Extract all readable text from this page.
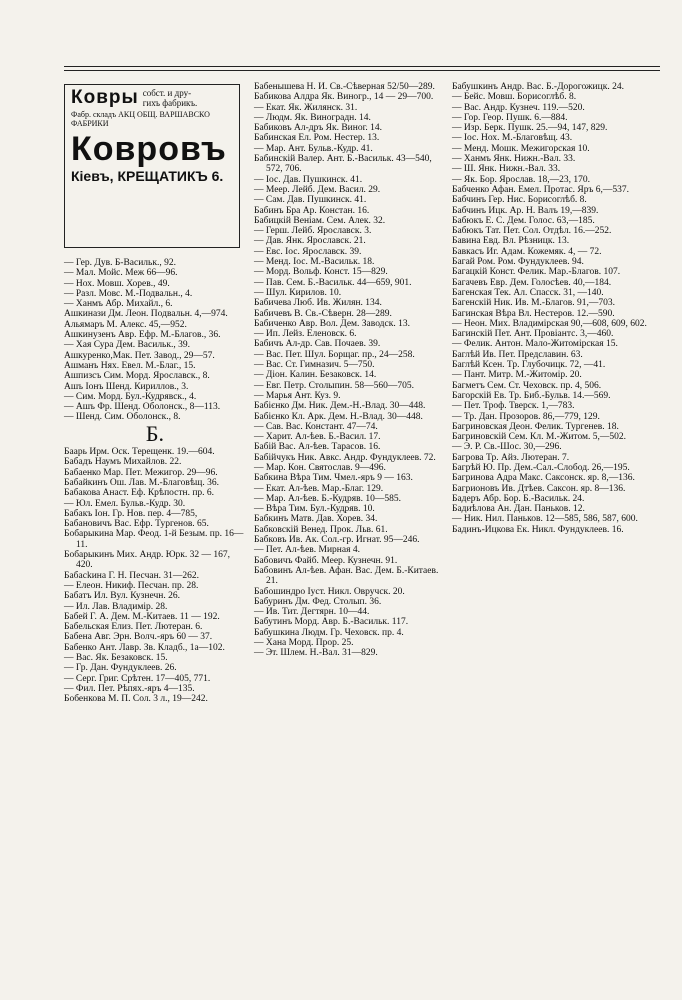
Ковры собст. и дру-
гихъ фабрикъ.
Фабр. складъ АКЦ ОБЩ. ВАРШАВСКО ФАБРИКИ
Ковровъ
Кіевъ, КРЕЩАТИКЪ 6.

— Гер. Дув. Б-Васильк., 92.

— Мал. Мойс. Меж 66—96.

— Нох. Мовш. Хорев., 49.

— Разл. Мовс. М.-Подвальн., 4.

— Ханмъ Абр. Михайл., 6.

Ашкинази Дм. Леон. Подвальн. 4,—974.

Альямаръ М. Алекс. 45,—952.

Ашкинузенъ Авр. Ефр. М.-Благов., 36.

— Хая Сура Дем. Васильк., 39.

Ашкуренко,Мак. Пет. Завод., 29—57.

Ашманъ Нях. Евел. М.-Благ., 15.

Ашпизсъ Сим. Морд. Ярославск., 8.

Ашъ Іонъ Шенд. Кириллов., 3.

— Сим. Морд. Бул.-Кудрявск., 4.

— Ашъ Фр. Шенд. Оболонск., 8—113.

— Шенд. Сим. Оболонск., 8.

Б.

Баарь Ирм. Оск. Терещенк. 19.—604.

Бабадъ Наумъ Михайлов. 22.

Бабаенко Мар. Пет. Межигор. 29—96.

Бабайкинъ Ош. Лав. М.-Благовѣщ. 36.

Бабакова Анаст. Еф. Крѣпостн. пр. 6.

— Юл. Емел. Бульв.-Кудр. 30.

Бабакъ Іон. Гр. Нов. пер. 4—785,

Бабановичъ Вас. Ефр. Тургенов. 65.

Бобарыкина Мар. Феод. 1-й Безым. пр. 16—11.

Бобарыкинъ Мих. Андр. Юрк. 32 — 167, 420.

Бабасkина Г. Н. Песчан. 31—262.

— Елеон. Никиф. Песчан. пр. 28.

Бабатъ Ил. Вул. Кузнечн. 26.

— Ил. Лав. Владимір. 28.

Бабей Г. А. Дем. М.-Китаев. 11 — 192.

Бабельская Елиз. Пет. Лютеран. 6.

Бабена Авг. Эрн. Волч.-яръ 60 — 37.

Бабенко Ант. Лавр. Зв. Кладб., 1а—102.

— Вас. Як. Безаковск. 15.

— Гр. Дан. Фундуклеев. 26.

— Серг. Григ. Срѣтен. 17—405, 771.

— Фил. Пет. Рѣпях.-яръ 4—135.

Бобенкова М. П. Сол. 3 л., 19—242.

Бабенышева Н. И. Св.-Сѣверная 52/50—289.

Бабикова Алдра Як. Виногр., 14 — 29—700.

— Екат. Як. Жилянск. 31.

— Людм. Як. Виноградн. 14.

Бабиковъ Ал-дръ Як. Виног. 14.

Бабинская Ел. Ром. Нестер. 13.

— Мар. Ант. Бульв.-Кудр. 41.

Бабинскій Валер. Ант. Б.-Васильк. 43—540, 572, 706.

— Іос. Дав. Пушкинск. 41.

— Меер. Лейб. Дем. Васил. 29.

— Сам. Дав. Пушкинск. 41.

Бабинъ Бра Ар. Констан. 16.

Бабицкій Веніам. Сем. Алек. 32.

— Герш. Лейб. Ярославск. 3.

— Дав. Янк. Ярославск. 21.

— Евс. Іос. Ярославск. 39.

— Менд. Іос. М.-Васильк. 18.

— Морд. Вольф. Конст. 15—829.

— Пав. Сем. Б.-Васильк. 44—659, 901.

— Шул. Кирилов. 10.

Бабичева Люб. Ив. Жилян. 134.

Бабичевъ В. Св.-Сѣверн. 28—289.

Бабиченко Авр. Вол. Дем. Заводск. 13.

— Ип. Лейз. Еленовск. 6.

Бабичъ Ал-др. Сав. Почаев. 39.

— Вас. Пет. Шул. Борщаг. пр., 24—258.

— Вас. Ст. Гимназич. 5—750.

— Діон. Калин. Безаковск. 14.

— Евг. Петр. Столыпин. 58—560—705.

— Марья Ант. Куз. 9.

Бабієнко Дм. Ник. Дем.-Н.-Влад. 30—448.

Бабієнко Кл. Арк. Дем. Н.-Влад. 30—448.

— Сав. Вас. Констант. 47—74.

— Харит. Ал-ѣев. Б.-Васил. 17.

Бабій Вас. Ал-ѣев. Тарасов. 16.

Бабійчукъ Ник. Авкс. Андр. Фундуклеев. 72.

— Мар. Кон. Святослав. 9—496.

Бабкина Вѣра Тим. Чмел.-яръ 9 — 163.

— Екат. Ал-ѣев. Мар.-Благ. 129.

— Мар. Ал-ѣев. Б.-Кудряв. 10—585.

— Вѣра Тим. Бул.-Кудряв. 10.

Бабкинъ Матв. Дав. Хорев. 34.

Бабковскій Венед. Прок. Льв. 61.

Бабковъ Ив. Ак. Сол.-гр. Игнат. 95—246.

— Пет. Ал-ѣев. Мирная 4.

Бабовичъ Файб. Меер. Кузнечн. 91.

Бабовинъ Ал-ѣев. Афан. Вас. Дем. Б.-Китаев. 21.

Бабошиндро Іуст. Никл. Овручск. 20.

Бабуринъ Дм. Фед. Столып. 36.

— Ив. Тит. Дегтярн. 10—44.

Бабутинъ Морд. Авр. Б.-Васильк. 117.

Бабушкина Людм. Гр. Чеховск. пр. 4.

— Хана Морд. Прор. 25.

— Эт. Шлем. Н.-Вал. 31—829.

Бабушкинъ Андр. Вас. Б.-Дорогожицк. 24.

— Бейс. Мовш. Борисоглѣб. 8.

— Вас. Андр. Кузнеч. 119.—520.

— Гор. Геор. Пушк. 6.—884.

— Изр. Берк. Пушк. 25.—94, 147, 829.

— Іос. Нох. М.-Благовѣщ. 43.

— Менд. Мошк. Межигорская 10.

— Ханмъ Янк. Нижн.-Вал. 33.

— Ш. Янк. Нижн.-Вал. 33.

— Як. Бор. Ярослав. 18,—23, 170.

Бабченко Афан. Емел. Протас. Яръ 6,—537.

Бабчинъ Гер. Нис. Борисоглѣб. 8.

Бабчинъ Ицк. Ар. Н. Валъ 19,—839.

Бабюкъ Е. С. Дем. Голос. 63,—185.

Бабюкъ Тат. Пет. Сол. Отдѣл. 16.—252.

Бавина Евд. Вл. Рѣзницк. 13.

Бавкасъ Иг. Адам. Кожемяк. 4, — 72.

Багай Ром. Ром. Фундуклеев. 94.

Багацкій Конст. Фелик. Мар.-Благов. 107.

Багачевъ Евр. Дем. Голосѣев. 40,—184.

Багенская Тек. Ал. Спасск. 31, —140.

Багенскій Ник. Ив. М.-Благов. 91,—703.

Багинская Вѣра Вл. Нестеров. 12.—590.

— Неон. Мих. Владимірская 90,—608, 609, 602.

Багинскій Пет. Ант. Провіантс. 3,—460.

— Фелик. Антон. Мало-Житомірская 15.

Баглѣй Ив. Пет. Предславин. 63.

Баглѣй Ксен. Тр. Глубочицк. 72, —41.

— Пант. Митр. М.-Житомір. 20.

Багметъ Сем. Ст. Чеховск. пр. 4, 506.

Багорскій Ев. Тр. Биб.-Бульв. 14.—569.

— Пет. Троф. Тверск. 1,—783.

— Тр. Дан. Прозоров. 86,—779, 129.

Багриновская Деон. Фелик. Тургенев. 18.

Багриновскій Сем. Кл. М.-Житом. 5,—502.

— Э. Р. Св.-Шос. 30,—296.

Багрова Тр. Айз. Лютеран. 7.

Багрѣй Ю. Пр. Дем.-Сал.-Слобод. 26,—195.

Багринова Адра Макс. Саксонск. яр. 8,—136.

Багрионовъ Ив. Дтѣев. Саксон. яр. 8—136.

Бадеръ Абр. Бор. Б.-Васильк. 24.

Бадиѣлова Ан. Дан. Паньков. 12.

— Ник. Нил. Паньков. 12—585, 586, 587, 600.

Бадинъ-Ицкова Ек. Никл. Фундуклеев. 16.
